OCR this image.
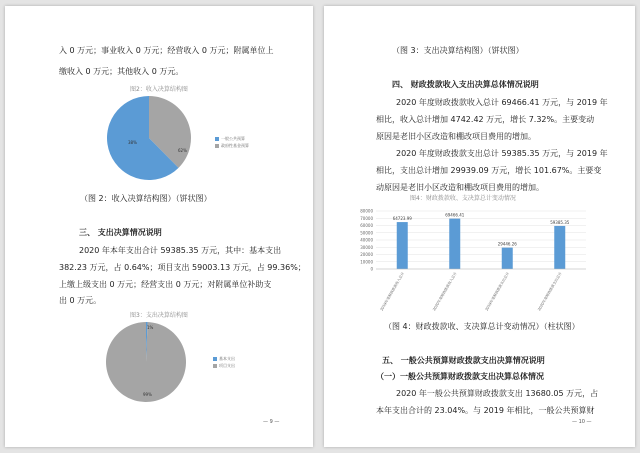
入 0 万元；事业收入 0 万元；经营收入 0 万元；附属单位上
缴收入 0 万元；其他收入 0 万元。
图2：收入决算结构图
38%
62%
一般公共预算
政府性基金预算
（图 2：收入决算结构图）（饼状图）
三、 支出决算情况说明
2020 年本年支出合计 59385.35 万元，其中：基本支出
382.23 万元，占 0.64%；项目支出 59003.13 万元，占 99.36%；
上缴上级支出 0 万元；经营支出 0 万元；对附属单位补助支
出 0 万元。
图3：支出决算结构图
1%
99%
基本支出
项目支出
— 9 —
（图 3：支出决算结构图）（饼状图）
四、 财政拨款收入支出决算总体情况说明
2020 年度财政拨款收入总计 69466.41 万元，与 2019 年
相比，收入总计增加 4742.42 万元，增长 7.32%。主要变动
原因是老旧小区改造和棚改项目费用的增加。
2020 年度财政拨款支出总计 59385.35 万元，与 2019 年
相比，支出总计增加 29939.09 万元，增长 101.67%。主要变
动原因是老旧小区改造和棚改项目费用的增加。
图4：财政拨款收、支决算总计变动情况
80000
70000
60000
50000
40000
30000
20000
10000
0
64723.99
2019年度财政拨款收入总计
69466.41
2020年度财政拨款收入总计
29446.26
2019年度财政拨款支出总计
59385.35
2020年度财政拨款支出总计
（图 4：财政拨款收、支决算总计变动情况）（柱状图）
五、 一般公共预算财政拨款支出决算情况说明
（一）一般公共预算财政拨款支出决算总体情况
2020 年一般公共预算财政拨款支出 13680.05 万元，占
本年支出合计的 23.04%。与 2019 年相比，一般公共预算财
— 10 —
